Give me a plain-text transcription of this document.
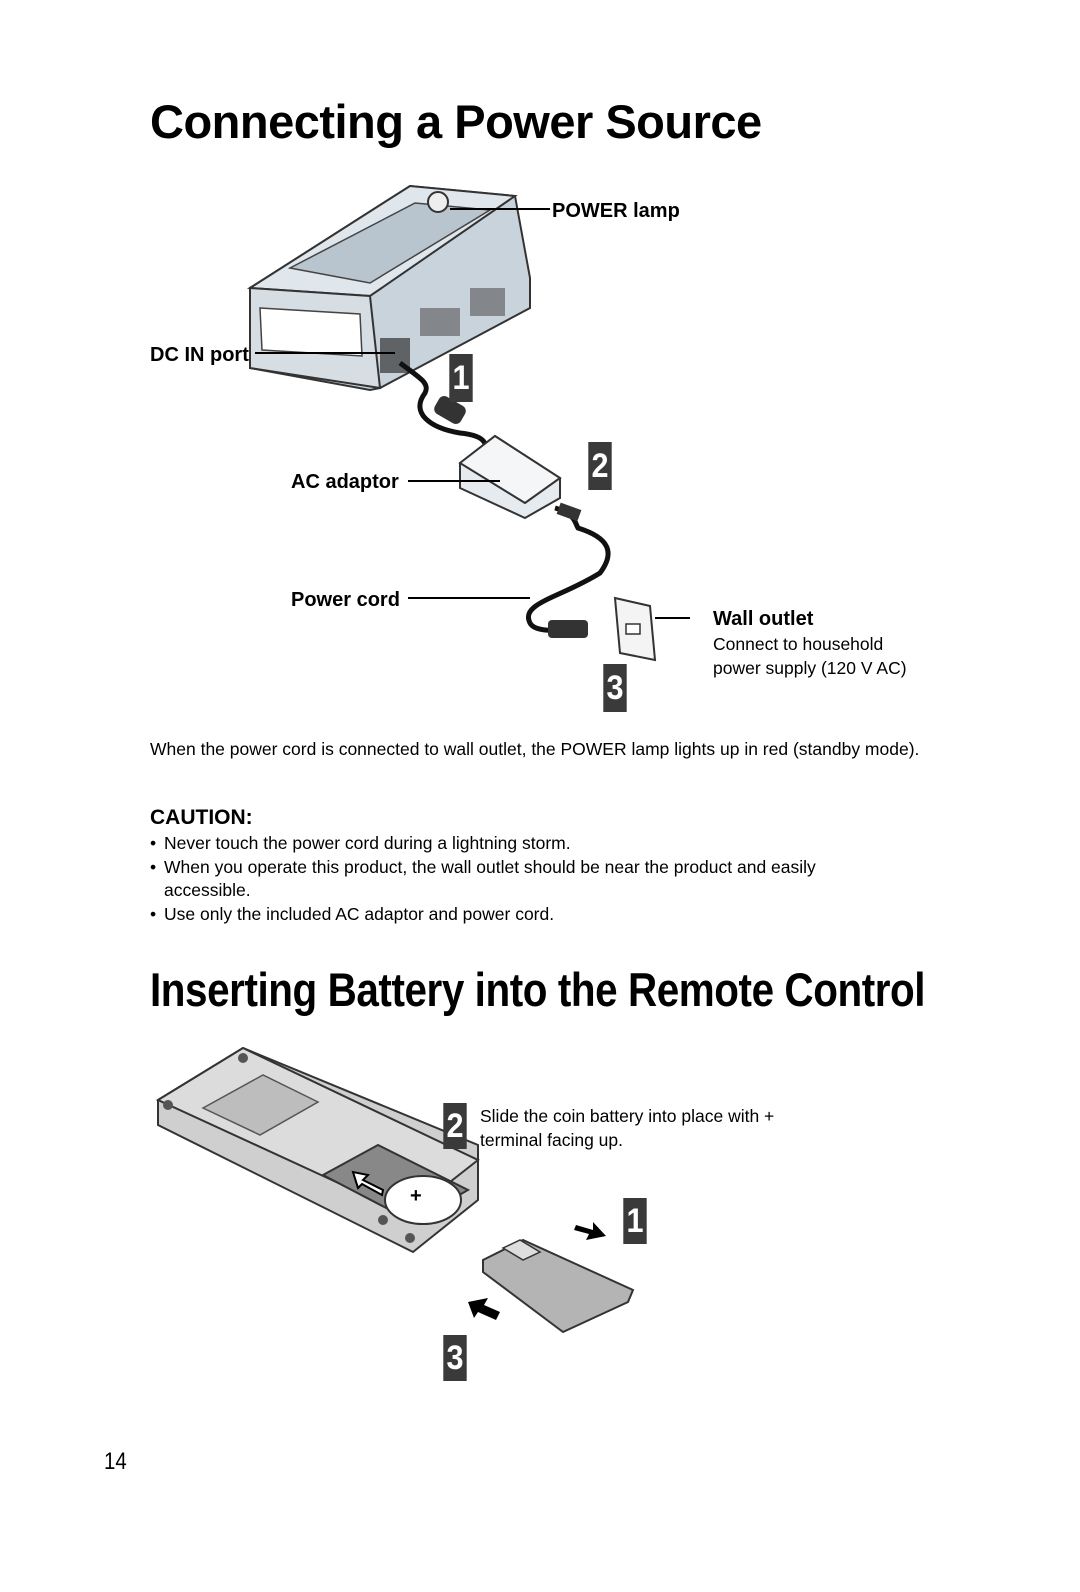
Connecting a Power Source
POWER lamp
DC IN port
AC adaptor
Power cord
Wall outlet
Connect to household
power supply (120 V AC)
1
2
3
When the power cord is connected to wall outlet, the POWER lamp lights up in red (standby mode).
CAUTION:
• Never touch the power cord during a lightning storm.
• When you operate this product, the wall outlet should be near the product and easily accessible.
• Use only the included AC adaptor and power cord.
Inserting Battery into the Remote Control
+
2 Slide the coin battery into place with +
terminal facing up.
1
3
14
